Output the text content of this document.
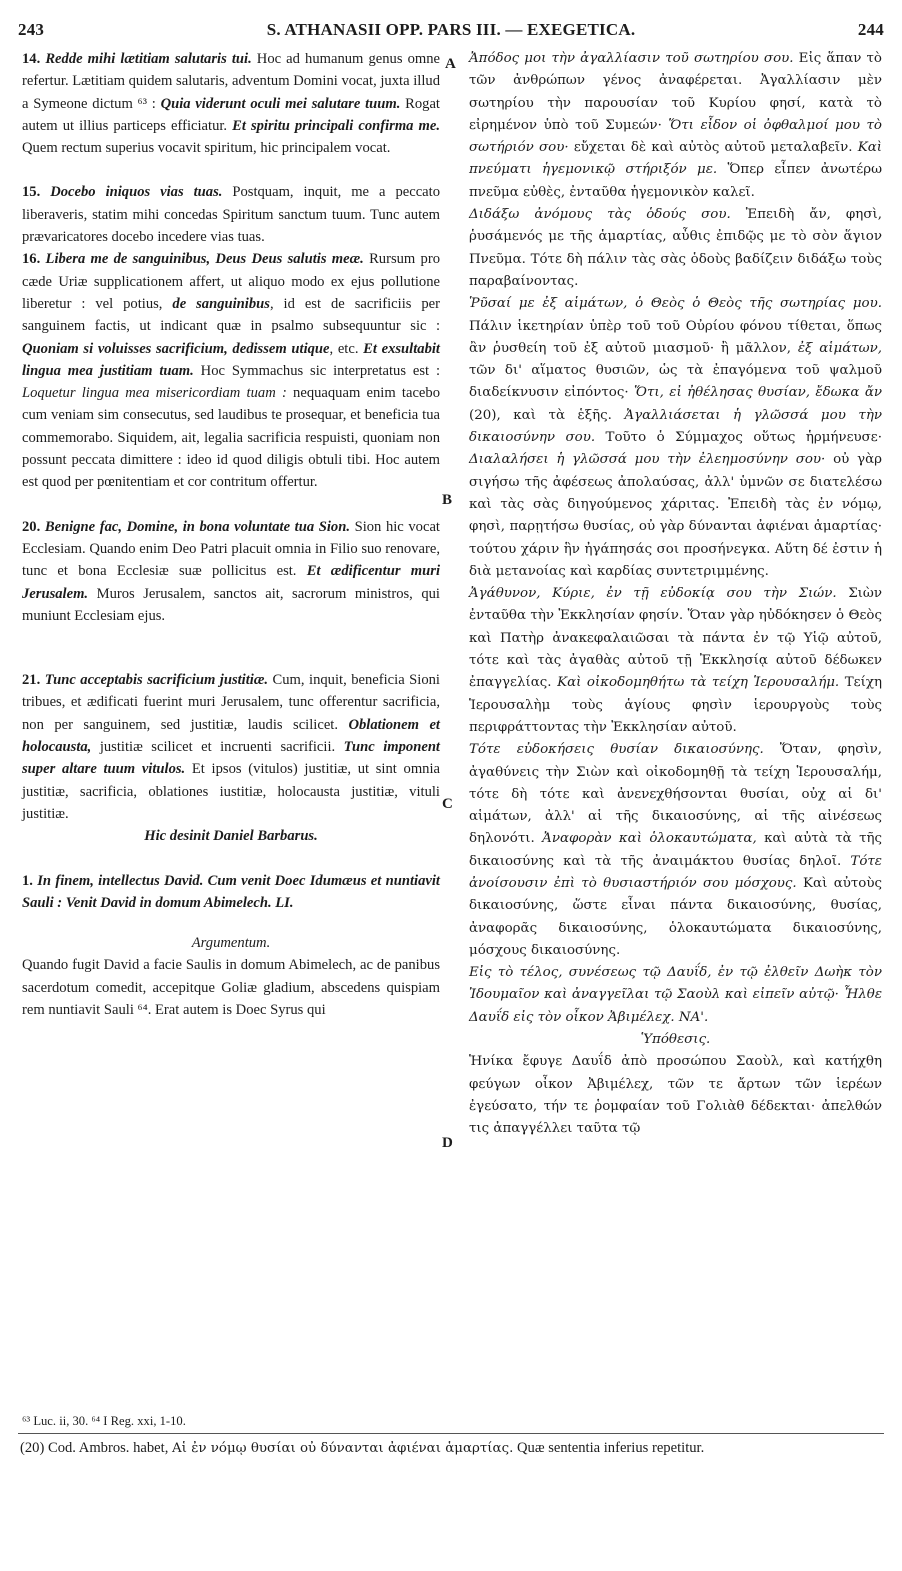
243	S. ATHANASII OPP. PARS III. — EXEGETICA.	244
A
B
C
D

14. Redde mihi lætitiam salutaris tui. Hoc ad humanum genus omne refertur. Lætitiam quidem salutaris, adventum Domini vocat, juxta illud a Symeone dictum ⁶³ : Quia viderunt oculi mei salutare tuum. Rogat autem ut illius particeps efficiatur. Et spiritu principali confirma me. Quem rectum superius vocavit spiritum, hic principalem vocat.

15. Docebo iniquos vias tuas. Postquam, inquit, me a peccato liberaveris, statim mihi concedas Spiritum sanctum tuum. Tunc autem prævaricatores docebo incedere vias tuas.

16. Libera me de sanguinibus, Deus Deus salutis meæ. Rursum pro cæde Uriæ supplicationem affert, ut aliquo modo ex ejus pollutione liberetur : vel potius, de sanguinibus, id est de sacrificiis per sanguinem factis, ut indicant quæ in psalmo subsequuntur sic : Quoniam si voluisses sacrificium, dedissem utique, etc. Et exsultabit lingua mea justitiam tuam. Hoc Symmachus sic interpretatus est : Loquetur lingua mea misericordiam tuam : nequaquam enim tacebo cum veniam sim consecutus, sed laudibus te prosequar, et beneficia tua commemorabo. Siquidem, ait, legalia sacrificia respuisti, quoniam non possunt peccata dimittere : ideo id quod diligis obtuli tibi. Hoc autem est quod per pœnitentiam et cor contritum offertur.

20. Benigne fac, Domine, in bona voluntate tua Sion. Sion hic vocat Ecclesiam. Quando enim Deo Patri placuit omnia in Filio suo renovare, tunc et bona Ecclesiæ suæ pollicitus est. Et ædificentur muri Jerusalem. Muros Jerusalem, sanctos ait, sacrorum ministros, qui muniunt Ecclesiam ejus.

21. Tunc acceptabis sacrificium justitiæ. Cum, inquit, beneficia Sioni tribues, et ædificati fuerint muri Jerusalem, tunc offerentur sacrificia, non per sanguinem, sed justitiæ, laudis scilicet. Oblationem et holocausta, justitiæ scilicet et incruenti sacrificii. Tunc imponent super altare tuum vitulos. Et ipsos (vitulos) justitiæ, ut sint omnia justitiæ, sacrificia, oblationes iustitiæ, holocausta justitiæ, vituli justitiæ.

Hic desinit Daniel Barbarus.

1. In finem, intellectus David. Cum venit Doec Idumæus et nuntiavit Sauli : Venit David in domum Abimelech. LI.

Argumentum.

Quando fugit David a facie Saulis in domum Abimelech, ac de panibus sacerdotum comedit, accepitque Goliæ gladium, abscedens quispiam rem nuntiavit Sauli ⁶⁴. Erat autem is Doec Syrus qui

Ἀπόδος μοι τὴν ἀγαλλίασιν τοῦ σωτηρίου σου. Εἰς ἅπαν τὸ τῶν ἀνθρώπων γένος ἀναφέρεται. Ἀγαλλίασιν μὲν σωτηρίου τὴν παρουσίαν τοῦ Κυρίου φησί, κατὰ τὸ εἰρημένον ὑπὸ τοῦ Συμεών· Ὅτι εἶδον οἱ ὀφθαλμοί μου τὸ σωτήριόν σου· εὔχεται δὲ καὶ αὐτὸς αὐτοῦ μεταλαβεῖν. Καὶ πνεύματι ἡγεμονικῷ στήριξόν με. Ὅπερ εἶπεν ἀνωτέρω πνεῦμα εὐθὲς, ἐνταῦθα ἡγεμονικὸν καλεῖ.

Διδάξω ἀνόμους τὰς ὁδούς σου. Ἐπειδὴ ἄν, φησὶ, ῥυσάμενός με τῆς ἁμαρτίας, αὖθις ἐπιδῷς με τὸ σὸν ἅγιον Πνεῦμα. Τότε δὴ πάλιν τὰς σὰς ὁδοὺς βαδίζειν διδάξω τοὺς παραβαίνοντας.

Ῥῦσαί με ἐξ αἱμάτων, ὁ Θεὸς ὁ Θεὸς τῆς σωτηρίας μου. Πάλιν ἱκετηρίαν ὑπὲρ τοῦ τοῦ Οὐρίου φόνου τίθεται, ὅπως ἂν ῥυσθείη τοῦ ἐξ αὐτοῦ μιασμοῦ· ἢ μᾶλλον, ἐξ αἱμάτων, τῶν δι' αἵματος θυσιῶν, ὡς τὰ ἐπαγόμενα τοῦ ψαλμοῦ διαδείκνυσιν εἰπόντος· Ὅτι, εἰ ἠθέλησας θυσίαν, ἔδωκα ἄν (20), καὶ τὰ ἑξῆς. Ἀγαλλιάσεται ἡ γλῶσσά μου τὴν δικαιοσύνην σου. Τοῦτο ὁ Σύμμαχος οὕτως ἡρμήνευσε· Διαλαλήσει ἡ γλῶσσά μου τὴν ἐλεημοσύνην σου· οὐ γὰρ σιγήσω τῆς ἀφέσεως ἀπολαύσας, ἀλλ' ὑμνῶν σε διατελέσω καὶ τὰς σὰς διηγούμενος χάριτας. Ἐπειδὴ τὰς ἐν νόμῳ, φησὶ, παρῃτήσω θυσίας, οὐ γὰρ δύνανται ἀφιέναι ἁμαρτίας· τούτου χάριν ἣν ἠγάπησάς σοι προσήνεγκα. Αὕτη δέ ἐστιν ἡ διὰ μετανοίας καὶ καρδίας συντετριμμένης.

Ἀγάθυνον, Κύριε, ἐν τῇ εὐδοκίᾳ σου τὴν Σιών. Σιὼν ἐνταῦθα τὴν Ἐκκλησίαν φησίν. Ὅταν γὰρ ηὐδόκησεν ὁ Θεὸς καὶ Πατὴρ ἀνακεφαλαιῶσαι τὰ πάντα ἐν τῷ Υἱῷ αὐτοῦ, τότε καὶ τὰς ἀγαθὰς αὐτοῦ τῇ Ἐκκλησίᾳ αὐτοῦ δέδωκεν ἐπαγγελίας. Καὶ οἰκοδομηθήτω τὰ τείχη Ἱερουσαλήμ. Τείχη Ἱερουσαλὴμ τοὺς ἁγίους φησὶν ἱερουργοὺς τοὺς περιφράττοντας τὴν Ἐκκλησίαν αὐτοῦ.

Τότε εὐδοκήσεις θυσίαν δικαιοσύνης. Ὅταν, φησὶν, ἀγαθύνεις τὴν Σιὼν καὶ οἰκοδομηθῇ τὰ τείχη Ἱερουσαλήμ, τότε δὴ τότε καὶ ἀνενεχθήσονται θυσίαι, οὐχ αἱ δι' αἱμάτων, ἀλλ' αἱ τῆς δικαιοσύνης, αἱ τῆς αἰνέσεως δηλονότι. Ἀναφορὰν καὶ ὁλοκαυτώματα, καὶ αὐτὰ τὰ τῆς δικαιοσύνης καὶ τὰ τῆς ἀναιμάκτου θυσίας δηλοῖ. Τότε ἀνοίσουσιν ἐπὶ τὸ θυσιαστήριόν σου μόσχους. Καὶ αὐτοὺς δικαιοσύνης, ὥστε εἶναι πάντα δικαιοσύνης, θυσίας, ἀναφορᾶς δικαιοσύνης, ὁλοκαυτώματα δικαιοσύνης, μόσχους δικαιοσύνης.

Εἰς τὸ τέλος, συνέσεως τῷ Δαυΐδ, ἐν τῷ ἐλθεῖν Δωὴκ τὸν Ἰδουμαῖον καὶ ἀναγγεῖλαι τῷ Σαοὺλ καὶ εἰπεῖν αὐτῷ· Ἦλθε Δαυΐδ εἰς τὸν οἶκον Ἀβιμέλεχ. ΝΑ'.

Ὑπόθεσις.

Ἡνίκα ἔφυγε Δαυΐδ ἀπὸ προσώπου Σαοὺλ, καὶ κατήχθη φεύγων οἶκον Ἀβιμέλεχ, τῶν τε ἄρτων τῶν ἱερέων ἐγεύσατο, τήν τε ῥομφαίαν τοῦ Γολιὰθ δέδεκται· ἀπελθών τις ἀπαγγέλλει ταῦτα τῷ

⁶³ Luc. ii, 30. ⁶⁴ I Reg. xxi, 1-10.
(20) Cod. Ambros. habet, Αἱ ἐν νόμῳ θυσίαι οὐ δύνανται ἀφιέναι ἁμαρτίας. Quæ sententia inferius repetitur.
